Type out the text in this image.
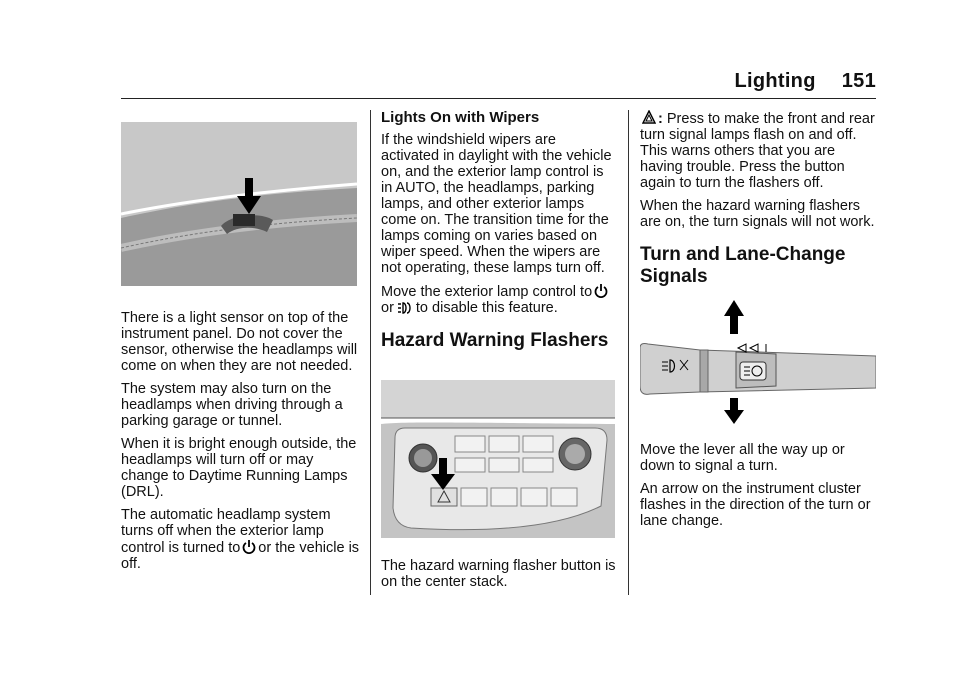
Lighting 151

There is a light sensor on top of the instrument panel. Do not cover the sensor, otherwise the headlamps will come on when they are not needed.

The system may also turn on the headlamps when driving through a parking garage or tunnel.

When it is bright enough outside, the headlamps will turn off or may change to Daytime Running Lamps (DRL).

The automatic headlamp system turns off when the exterior lamp control is turned to or the vehicle is off.

Lights On with Wipers

If the windshield wipers are activated in daylight with the vehicle on, and the exterior lamp control is in AUTO, the headlamps, parking lamps, and other exterior lamps come on. The transition time for the lamps coming on varies based on wiper speed. When the wipers are not operating, these lamps turn off.

Move the exterior lamp control to or to disable this feature.

Hazard Warning Flashers

The hazard warning flasher button is on the center stack.

: Press to make the front and rear turn signal lamps flash on and off. This warns others that you are having trouble. Press the button again to turn the flashers off.

When the hazard warning flashers are on, the turn signals will not work.

Turn and Lane-Change Signals

Move the lever all the way up or down to signal a turn.

An arrow on the instrument cluster flashes in the direction of the turn or lane change.
